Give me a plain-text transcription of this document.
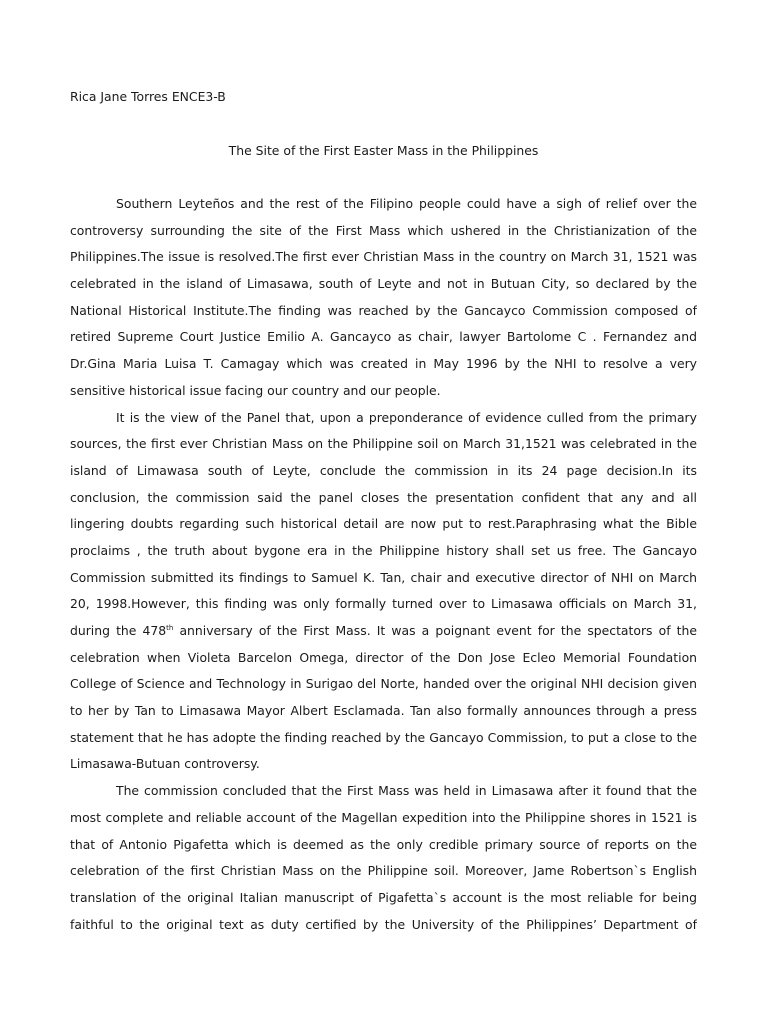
Rica Jane Torres ENCE3-B
The Site of the First Easter Mass in the Philippines
Southern Leyteños and the rest of the Filipino people could have a sigh of relief over the
controversy surrounding the site of the First Mass which ushered in the Christianization of the
Philippines.The issue is resolved.The first ever Christian Mass in the country on March 31, 1521 was
celebrated in the island of Limasawa, south of Leyte and not in Butuan City, so declared by the
National Historical Institute.The finding was reached by the Gancayco Commission composed of
retired Supreme Court Justice Emilio A. Gancayco as chair, lawyer Bartolome C . Fernandez and
Dr.Gina Maria Luisa T. Camagay which was created in May 1996 by the NHI to resolve a very
sensitive historical issue facing our country and our people.
It is the view of the Panel that, upon a preponderance of evidence culled from the primary
sources, the first ever Christian Mass on the Philippine soil on March 31,1521 was celebrated in the
island of Limawasa south of Leyte, conclude the commission in its 24 page decision.In its
conclusion, the commission said the panel closes the presentation confident that any and all
lingering doubts regarding such historical detail are now put to rest.Paraphrasing what the Bible
proclaims , the truth about bygone era in the Philippine history shall set us free. The Gancayo
Commission submitted its findings to Samuel K. Tan, chair and executive director of NHI on March
20, 1998.However, this finding was only formally turned over to Limasawa officials on March 31,
during the 478th anniversary of the First Mass. It was a poignant event for the spectators of the
celebration when Violeta Barcelon Omega, director of the Don Jose Ecleo Memorial Foundation
College of Science and Technology in Surigao del Norte, handed over the original NHI decision given
to her by Tan to Limasawa Mayor Albert Esclamada. Tan also formally announces through a press
statement that he has adopte the finding reached by the Gancayo Commission, to put a close to the
Limasawa-Butuan controversy.
The commission concluded that the First Mass was held in Limasawa after it found that the
most complete and reliable account of the Magellan expedition into the Philippine shores in 1521 is
that of Antonio Pigafetta which is deemed as the only credible primary source of reports on the
celebration of the first Christian Mass on the Philippine soil. Moreover, Jame Robertson`s English
translation of the original Italian manuscript of Pigafetta`s account is the most reliable for being
faithful to the original text as duty certified by the University of the Philippines’ Department of
